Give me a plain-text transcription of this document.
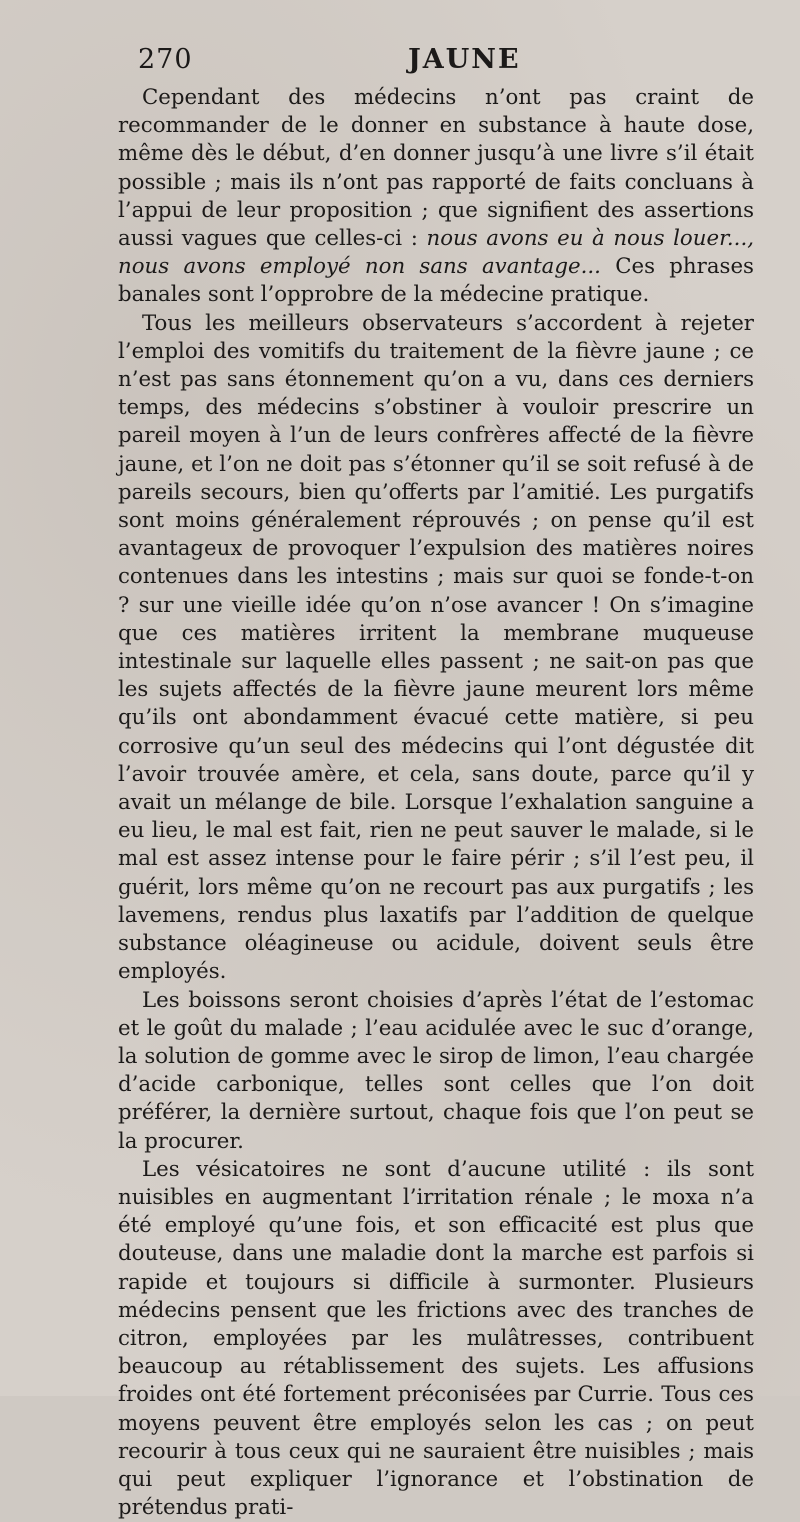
270	JAUNE

Cependant des médecins n’ont pas craint de recommander de le donner en substance à haute dose, même dès le début, d’en donner jusqu’à une livre s’il était possible ; mais ils n’ont pas rapporté de faits concluans à l’appui de leur proposition ; que signifient des assertions aussi vagues que celles-ci : nous avons eu à nous louer..., nous avons employé non sans avantage... Ces phrases banales sont l’opprobre de la médecine pratique.

Tous les meilleurs observateurs s’accordent à rejeter l’emploi des vomitifs du traitement de la fièvre jaune ; ce n’est pas sans étonnement qu’on a vu, dans ces derniers temps, des médecins s’obstiner à vouloir prescrire un pareil moyen à l’un de leurs confrères affecté de la fièvre jaune, et l’on ne doit pas s’étonner qu’il se soit refusé à de pareils secours, bien qu’offerts par l’amitié. Les purgatifs sont moins généralement réprouvés ; on pense qu’il est avantageux de provoquer l’expulsion des matières noires contenues dans les intestins ; mais sur quoi se fonde-t-on ? sur une vieille idée qu’on n’ose avancer ! On s’imagine que ces matières irritent la membrane muqueuse intestinale sur laquelle elles passent ; ne sait-on pas que les sujets affectés de la fièvre jaune meurent lors même qu’ils ont abondamment évacué cette matière, si peu corrosive qu’un seul des médecins qui l’ont dégustée dit l’avoir trouvée amère, et cela, sans doute, parce qu’il y avait un mélange de bile. Lorsque l’exhalation sanguine a eu lieu, le mal est fait, rien ne peut sauver le malade, si le mal est assez intense pour le faire périr ; s’il l’est peu, il guérit, lors même qu’on ne recourt pas aux purgatifs ; les lavemens, rendus plus laxatifs par l’addition de quelque substance oléagineuse ou acidule, doivent seuls être employés.

Les boissons seront choisies d’après l’état de l’estomac et le goût du malade ; l’eau acidulée avec le suc d’orange, la solution de gomme avec le sirop de limon, l’eau chargée d’acide carbonique, telles sont celles que l’on doit préférer, la dernière surtout, chaque fois que l’on peut se la procurer.

Les vésicatoires ne sont d’aucune utilité : ils sont nuisibles en augmentant l’irritation rénale ; le moxa n’a été employé qu’une fois, et son efficacité est plus que douteuse, dans une maladie dont la marche est parfois si rapide et toujours si difficile à surmonter. Plusieurs médecins pensent que les frictions avec des tranches de citron, employées par les mulâtresses, contribuent beaucoup au rétablissement des sujets. Les affusions froides ont été fortement préconisées par Currie. Tous ces moyens peuvent être employés selon les cas ; on peut recourir à tous ceux qui ne sauraient être nuisibles ; mais qui peut expliquer l’ignorance et l’obstination de prétendus prati-
